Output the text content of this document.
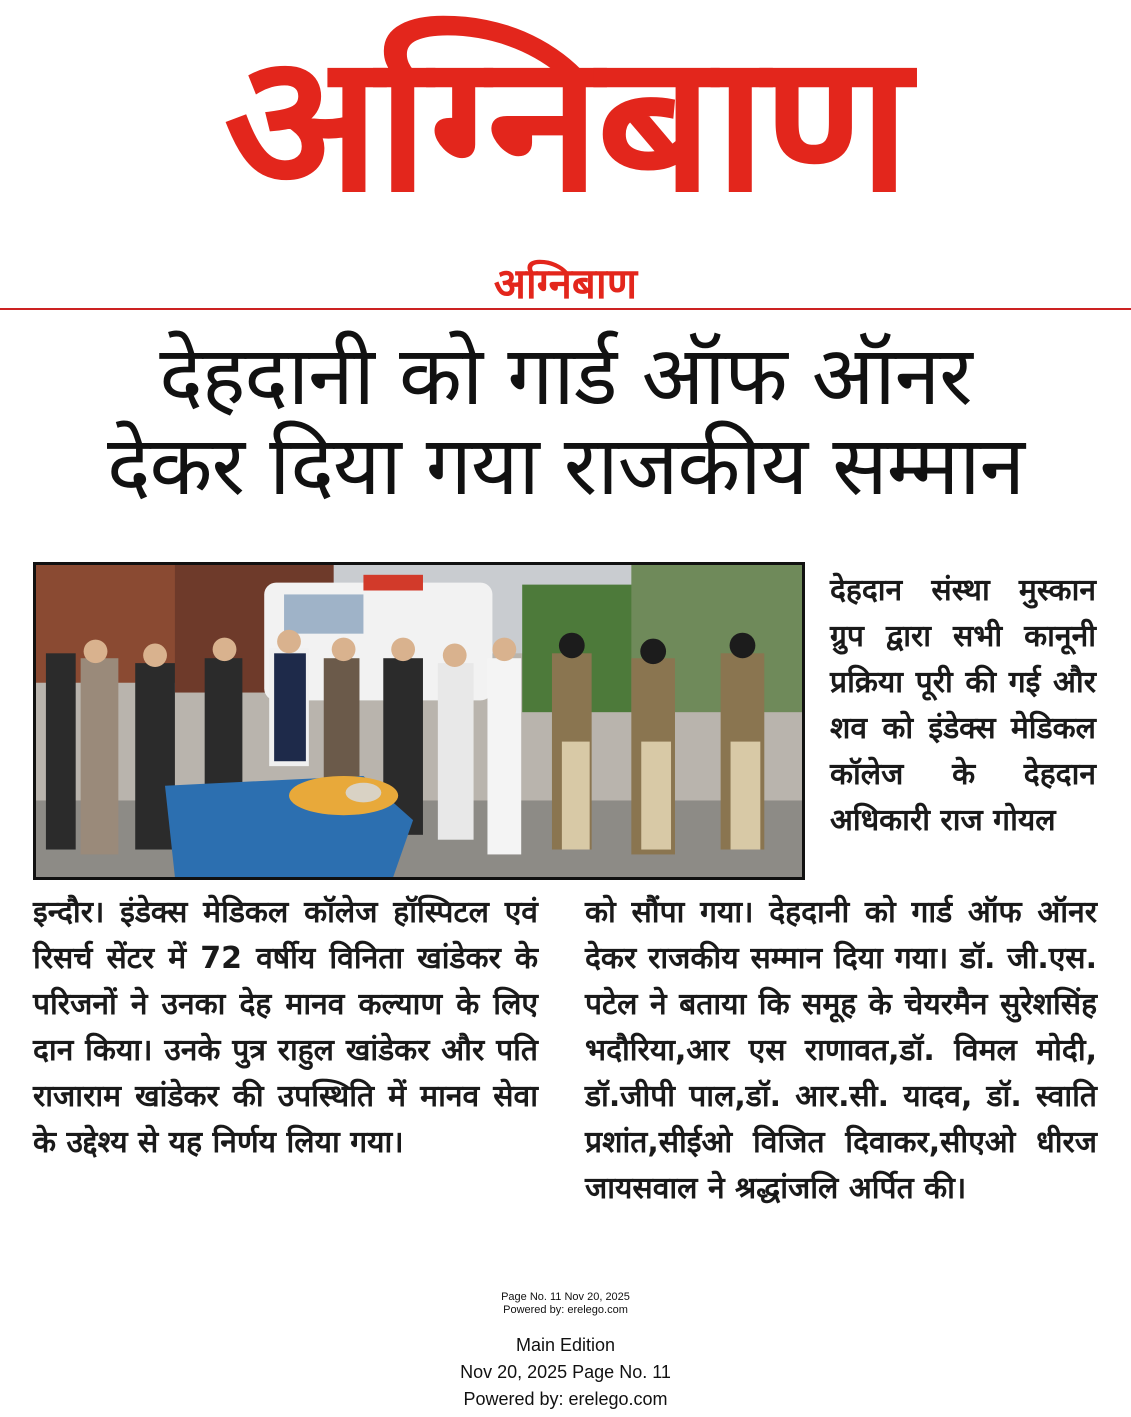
अग्निबाण
अग्निबाण
देहदानी को गार्ड ऑफ ऑनर
देकर दिया गया राजकीय सम्मान
देहदान संस्था मुस्कान ग्रुप द्वारा सभी कानूनी प्रक्रिया पूरी की गई और शव को इंडेक्स मेडिकल कॉलेज के देहदान अधिकारी राज गोयल
इन्दौर। इंडेक्स मेडिकल कॉलेज हॉस्पिटल एवं रिसर्च सेंटर में 72 वर्षीय विनिता खांडेकर के परिजनों ने उनका देह मानव कल्याण के लिए दान किया। उनके पुत्र राहुल खांडेकर और पति राजाराम खांडेकर की उपस्थिति में मानव सेवा के उद्देश्य से यह निर्णय लिया गया।
को सौंपा गया। देहदानी को गार्ड ऑफ ऑनर देकर राजकीय सम्मान दिया गया। डॉ. जी.एस. पटेल ने बताया कि समूह के चेयरमैन सुरेशसिंह भदौरिया,आर एस राणावत,डॉ. विमल मोदी, डॉ.जीपी पाल,डॉ. आर.सी. यादव, डॉ. स्वाति प्रशांत,सीईओ विजित दिवाकर,सीएओ धीरज जायसवाल ने श्रद्धांजलि अर्पित की।
Page No. 11 Nov 20, 2025
Powered by: erelego.com
Main Edition
Nov 20, 2025 Page No. 11
Powered by: erelego.com
